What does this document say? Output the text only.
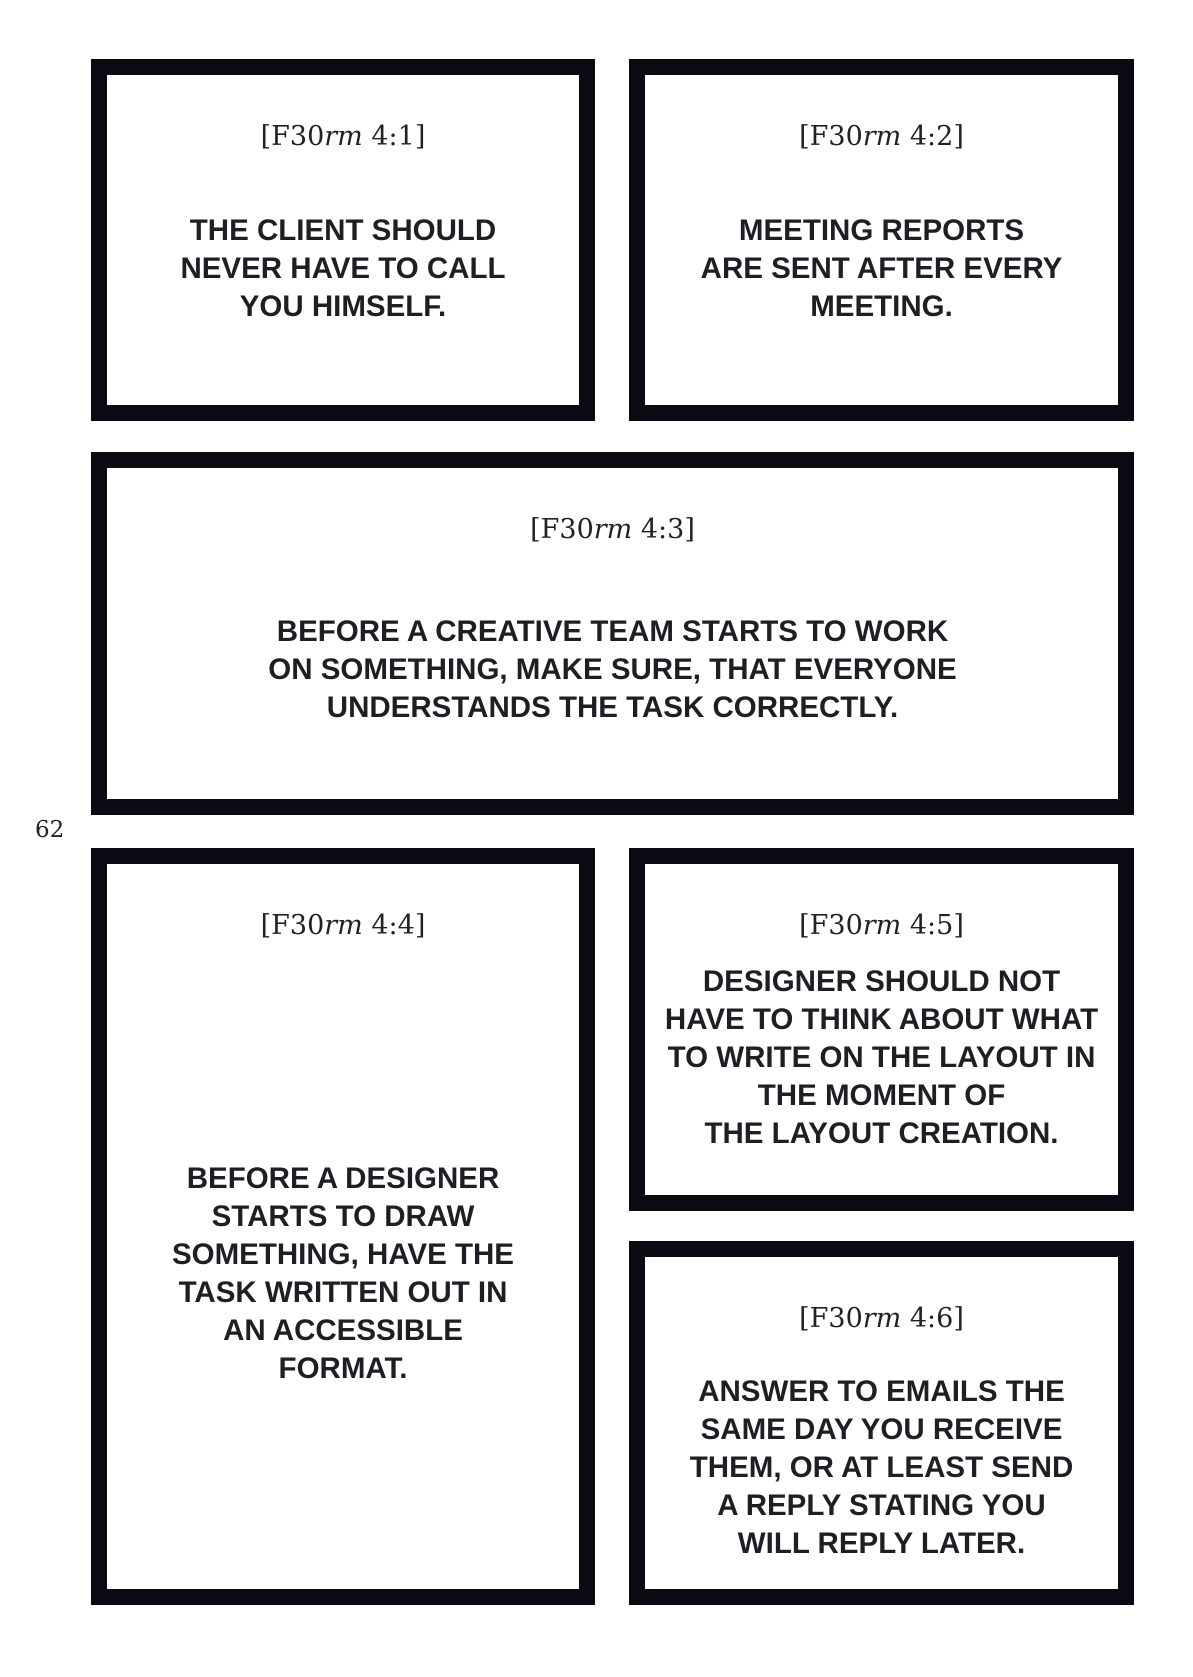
[F30rm 4:1]
THE CLIENT SHOULD
NEVER HAVE TO CALL
YOU HIMSELF.
[F30rm 4:2]
MEETING REPORTS
ARE SENT AFTER EVERY
MEETING.
[F30rm 4:3]
BEFORE A CREATIVE TEAM STARTS TO WORK
ON SOMETHING, MAKE SURE, THAT EVERYONE
UNDERSTANDS THE TASK CORRECTLY.
62
[F30rm 4:4]
BEFORE A DESIGNER
STARTS TO DRAW
SOMETHING, HAVE THE
TASK WRITTEN OUT IN
AN ACCESSIBLE
FORMAT.
[F30rm 4:5]
DESIGNER SHOULD NOT
HAVE TO THINK ABOUT WHAT
TO WRITE ON THE LAYOUT IN
THE MOMENT OF
THE LAYOUT CREATION.
[F30rm 4:6]
ANSWER TO EMAILS THE
SAME DAY YOU RECEIVE
THEM, OR AT LEAST SEND
A REPLY STATING YOU
WILL REPLY LATER.
